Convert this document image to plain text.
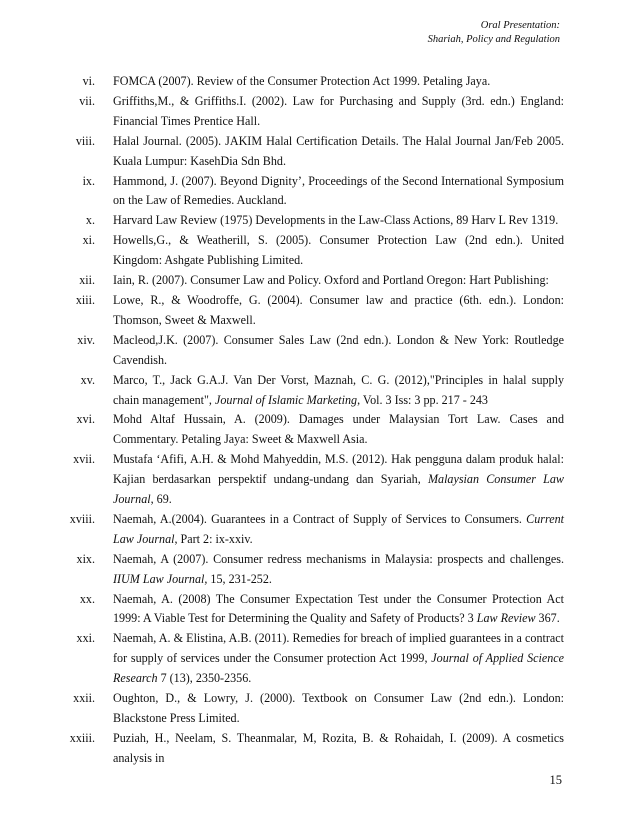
Oral Presentation:
Shariah, Policy and Regulation
vi. FOMCA (2007). Review of the Consumer Protection Act 1999. Petaling Jaya.
vii. Griffiths,M., & Griffiths.I. (2002). Law for Purchasing and Supply (3rd. edn.) England: Financial Times Prentice Hall.
viii. Halal Journal. (2005). JAKIM Halal Certification Details. The Halal Journal Jan/Feb 2005. Kuala Lumpur: KasehDia Sdn Bhd.
ix. Hammond, J. (2007). Beyond Dignity’, Proceedings of the Second International Symposium on the Law of Remedies. Auckland.
x. Harvard Law Review (1975) Developments in the Law-Class Actions, 89 Harv L Rev 1319.
xi. Howells,G., & Weatherill, S. (2005). Consumer Protection Law (2nd edn.). United Kingdom: Ashgate Publishing Limited.
xii. Iain, R. (2007). Consumer Law and Policy. Oxford and Portland Oregon: Hart Publishing:
xiii. Lowe, R., & Woodroffe, G. (2004). Consumer law and practice (6th. edn.). London: Thomson, Sweet & Maxwell.
xiv. Macleod,J.K. (2007). Consumer Sales Law (2nd edn.). London & New York: Routledge Cavendish.
xv. Marco, T., Jack G.A.J. Van Der Vorst, Maznah, C. G. (2012),"Principles in halal supply chain management", Journal of Islamic Marketing, Vol. 3 Iss: 3 pp. 217 - 243
xvi. Mohd Altaf Hussain, A. (2009). Damages under Malaysian Tort Law. Cases and Commentary. Petaling Jaya: Sweet & Maxwell Asia.
xvii. Mustafa ‘Afifi, A.H. & Mohd Mahyeddin, M.S. (2012). Hak pengguna dalam produk halal: Kajian berdasarkan perspektif undang-undang dan Syariah, Malaysian Consumer Law Journal, 69.
xviii. Naemah, A.(2004). Guarantees in a Contract of Supply of Services to Consumers. Current Law Journal, Part 2: ix-xxiv.
xix. Naemah, A (2007). Consumer redress mechanisms in Malaysia: prospects and challenges. IIUM Law Journal, 15, 231-252.
xx. Naemah, A. (2008) The Consumer Expectation Test under the Consumer Protection Act 1999: A Viable Test for Determining the Quality and Safety of Products? 3 Law Review 367.
xxi. Naemah, A. & Elistina, A.B. (2011). Remedies for breach of implied guarantees in a contract for supply of services under the Consumer protection Act 1999, Journal of Applied Science Research 7 (13), 2350-2356.
xxii. Oughton, D., & Lowry, J. (2000). Textbook on Consumer Law (2nd edn.). London: Blackstone Press Limited.
xxiii. Puziah, H., Neelam, S. Theanmalar, M, Rozita, B. & Rohaidah, I. (2009). A cosmetics analysis in
15
